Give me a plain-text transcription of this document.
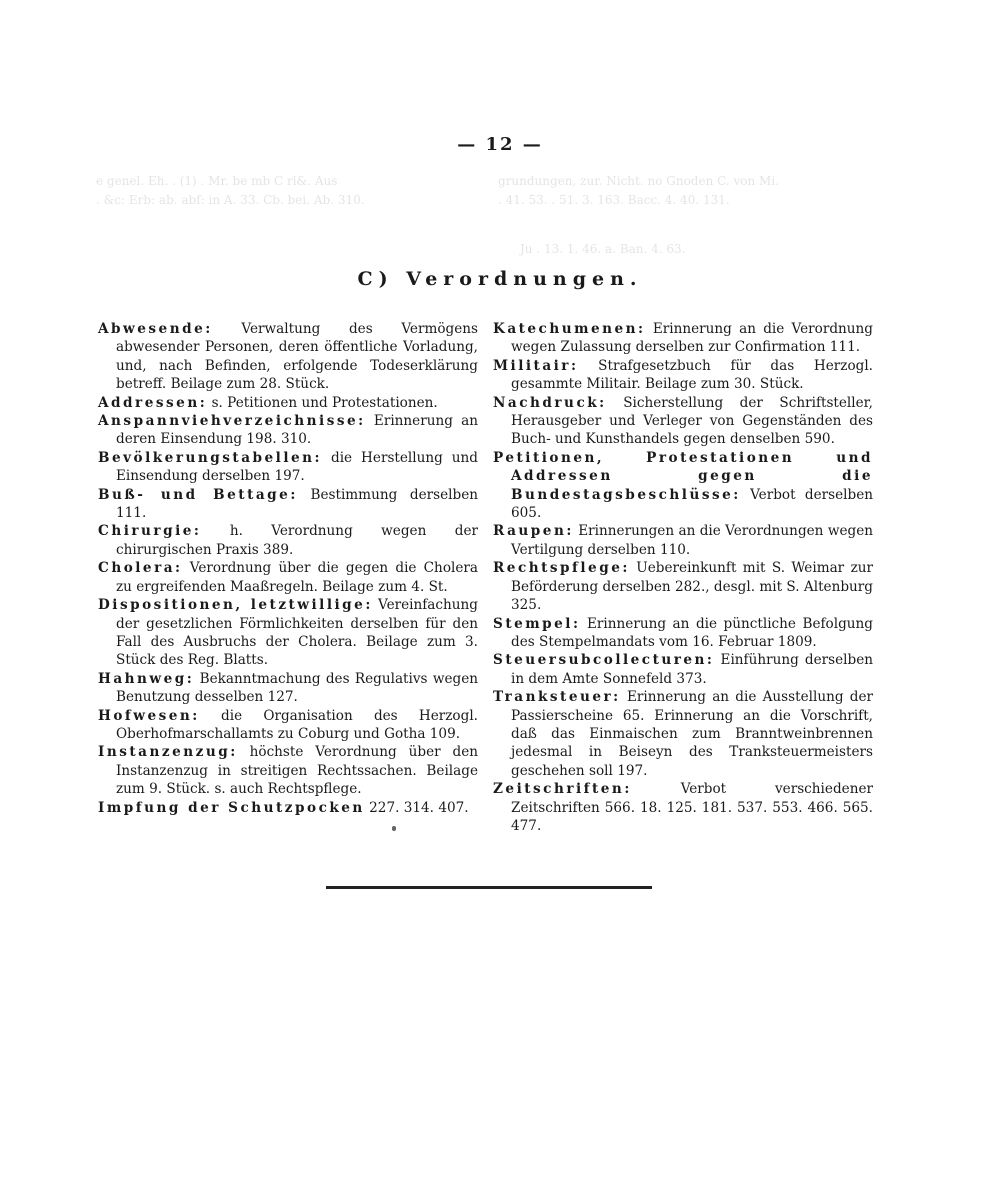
e genel. Eh. . (1) . Mr. be mb C rl&. Aus
. &c: Erb: ab. abf: in A. 33. Cb. bei. Ab. 310.
grundungen, zur. Nicht. no Gnoden C. von Mi.
. 41. 53. . 51. 3. 163. Bacc. 4. 40. 131.
Ju . 13. 1. 46. a. Ban. 4. 63.
— 12 —
C) Verordnungen.

Abwesende: Verwaltung des Vermögens abwesender Personen, deren öffentliche Vorladung, und, nach Befinden, erfolgende Todeserklärung betreff. Beilage zum 28. Stück.

Addressen: s. Petitionen und Protestationen.

Anspannviehverzeichnisse: Erinnerung an deren Einsendung 198. 310.

Bevölkerungstabellen: die Herstellung und Einsendung derselben 197.

Buß- und Bettage: Bestimmung derselben 111.

Chirurgie: h. Verordnung wegen der chirurgischen Praxis 389.

Cholera: Verordnung über die gegen die Cholera zu ergreifenden Maaßregeln. Beilage zum 4. St.

Dispositionen, letztwillige: Vereinfachung der gesetzlichen Förmlichkeiten derselben für den Fall des Ausbruchs der Cholera. Beilage zum 3. Stück des Reg. Blatts.

Hahnweg: Bekanntmachung des Regulativs wegen Benutzung desselben 127.

Hofwesen: die Organisation des Herzogl. Oberhofmarschallamts zu Coburg und Gotha 109.

Instanzenzug: höchste Verordnung über den Instanzenzug in streitigen Rechtssachen. Beilage zum 9. Stück. s. auch Rechtspflege.

Impfung der Schutzpocken 227. 314. 407.

Katechumenen: Erinnerung an die Verordnung wegen Zulassung derselben zur Confirmation 111.

Militair: Strafgesetzbuch für das Herzogl. gesammte Militair. Beilage zum 30. Stück.

Nachdruck: Sicherstellung der Schriftsteller, Herausgeber und Verleger von Gegenständen des Buch- und Kunsthandels gegen denselben 590.

Petitionen, Protestationen und Addressen gegen die Bundestagsbeschlüsse: Verbot derselben 605.

Raupen: Erinnerungen an die Verordnungen wegen Vertilgung derselben 110.

Rechtspflege: Uebereinkunft mit S. Weimar zur Beförderung derselben 282., desgl. mit S. Altenburg 325.

Stempel: Erinnerung an die pünctliche Befolgung des Stempelmandats vom 16. Februar 1809.

Steuersubcollecturen: Einführung derselben in dem Amte Sonnefeld 373.

Tranksteuer: Erinnerung an die Ausstellung der Passierscheine 65. Erinnerung an die Vorschrift, daß das Einmaischen zum Branntweinbrennen jedesmal in Beiseyn des Tranksteuermeisters geschehen soll 197.

Zeitschriften:	Verbot verschiedener Zeitschriften 566. 18. 125. 181. 537. 553. 466. 565. 477.
